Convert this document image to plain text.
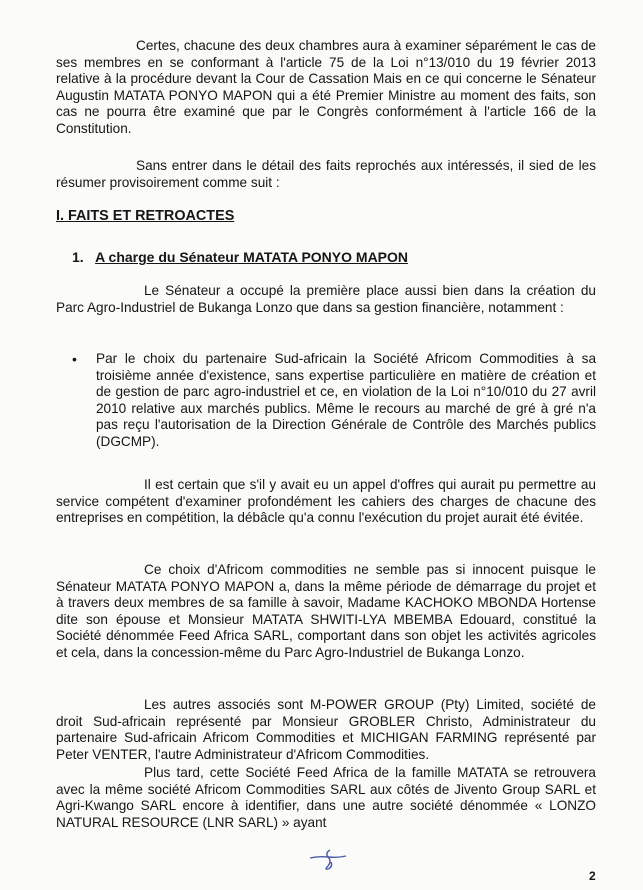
Certes, chacune des deux chambres aura à examiner séparément le cas de ses membres en se conformant à l'article 75 de la Loi n°13/010 du 19 février 2013 relative à la procédure devant la Cour de Cassation Mais en ce qui concerne le Sénateur Augustin MATATA PONYO MAPON qui a été Premier Ministre au moment des faits, son cas ne pourra être examiné que par le Congrès conformément à l'article 166 de la Constitution.

Sans entrer dans le détail des faits reprochés aux intéressés, il sied de les résumer provisoirement comme suit :

I. FAITS ET RETROACTES
1. A charge du Sénateur MATATA PONYO MAPON

Le Sénateur a occupé la première place aussi bien dans la création du Parc Agro-Industriel de Bukanga Lonzo que dans sa gestion financière, notamment :

• Par le choix du partenaire Sud-africain la Société Africom Commodities à sa troisième année d'existence, sans expertise particulière en matière de création et de gestion de parc agro-industriel et ce, en violation de la Loi n°10/010 du 27 avril 2010 relative aux marchés publics. Même le recours au marché de gré à gré n'a pas reçu l'autorisation de la Direction Générale de Contrôle des Marchés publics (DGCMP).

Il est certain que s'il y avait eu un appel d'offres qui aurait pu permettre au service compétent d'examiner profondément les cahiers des charges de chacune des entreprises en compétition, la débâcle qu'a connu l'exécution du projet aurait été évitée.

Ce choix d'Africom commodities ne semble pas si innocent puisque le Sénateur MATATA PONYO MAPON a, dans la même période de démarrage du projet et à travers deux membres de sa famille à savoir, Madame KACHOKO MBONDA Hortense dite son épouse et Monsieur MATATA SHWITI-LYA MBEMBA Edouard, constitué la Société dénommée Feed Africa SARL, comportant dans son objet les activités agricoles et cela, dans la concession-même du Parc Agro-Industriel de Bukanga Lonzo.

Les autres associés sont M-POWER GROUP (Pty) Limited, société de droit Sud-africain représenté par Monsieur GROBLER Christo, Administrateur du partenaire Sud-africain Africom Commodities et MICHIGAN FARMING représenté par Peter VENTER, l'autre Administrateur d'Africom Commodities.

Plus tard, cette Société Feed Africa de la famille MATATA se retrouvera avec la même société Africom Commodities SARL aux côtés de Jivento Group SARL et Agri-Kwango SARL encore à identifier, dans une autre société dénommée « LONZO NATURAL RESOURCE (LNR SARL) » ayant

2
